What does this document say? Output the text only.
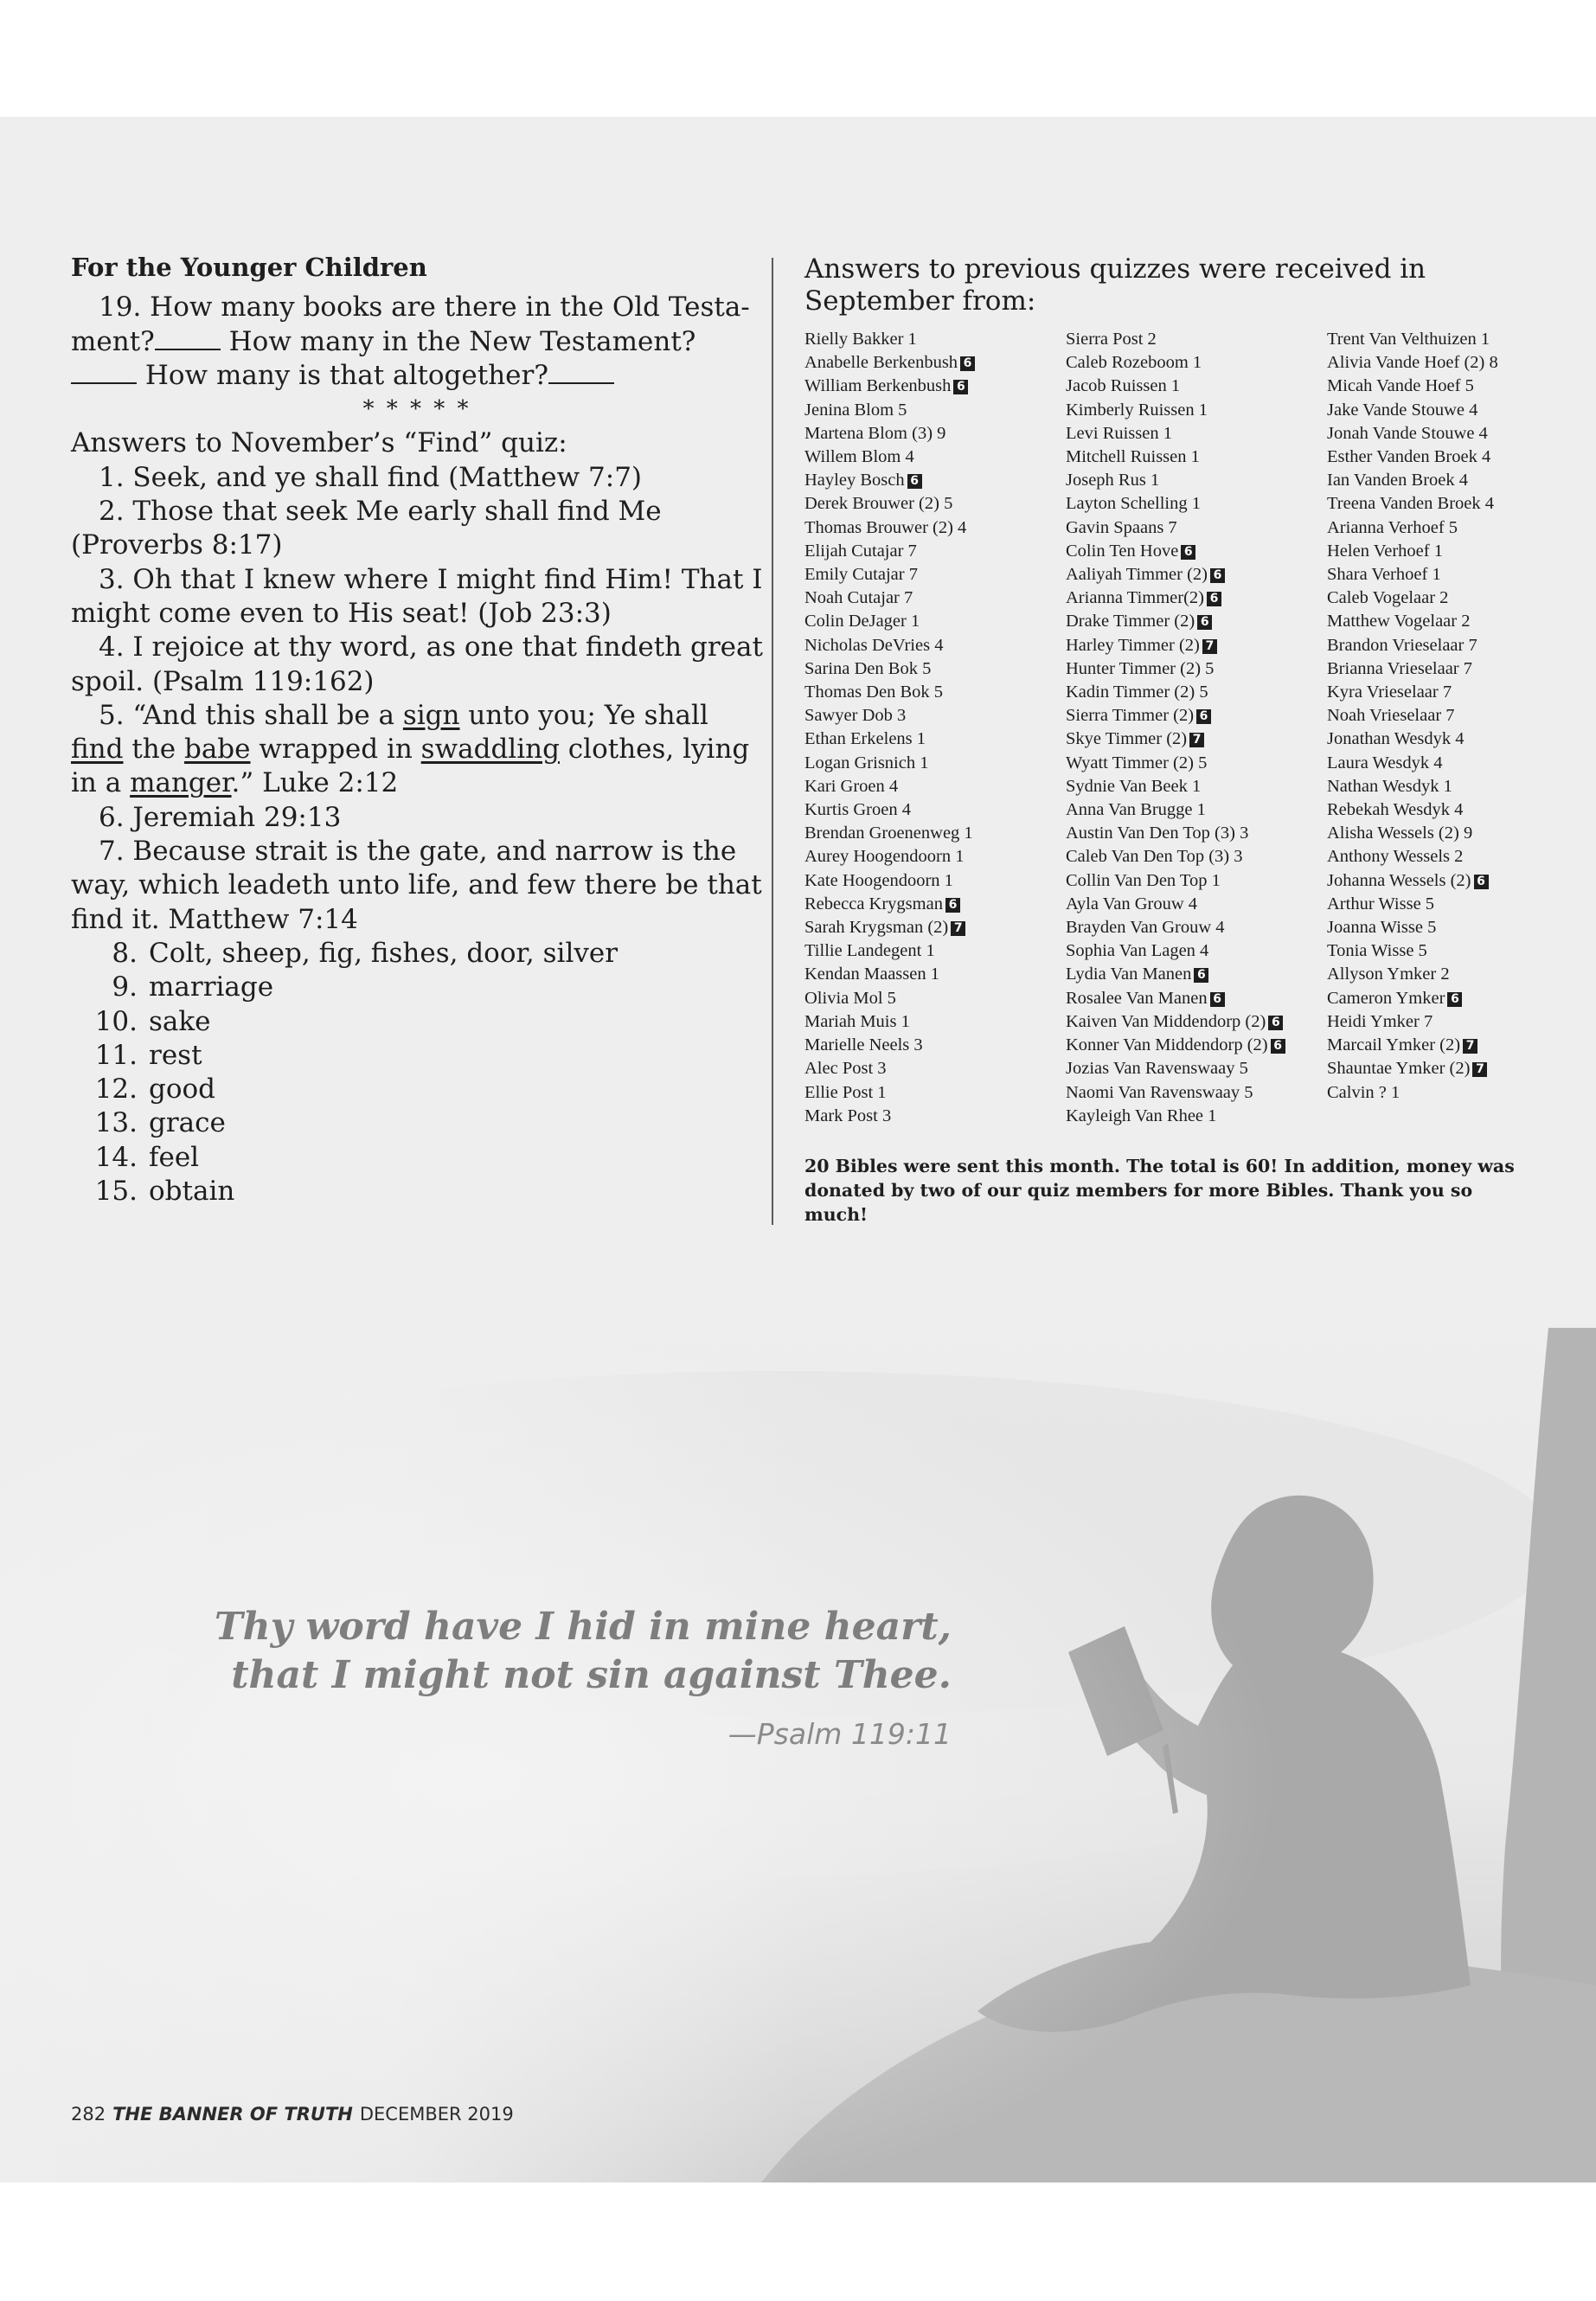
For the Younger Children
19. How many books are there in the Old Testa-ment? How many in the New Testament?  How many is that altogether?
* * * * *
Answers to November’s “Find” quiz:
1. Seek, and ye shall find (Matthew 7:7)
2. Those that seek Me early shall find Me (Proverbs 8:17)
3. Oh that I knew where I might find Him! That I might come even to His seat! (Job 23:3)
4. I rejoice at thy word, as one that findeth great spoil. (Psalm 119:162)
5. “And this shall be a sign unto you; Ye shall find the babe wrapped in swaddling clothes, lying in a manger.” Luke 2:12
6. Jeremiah 29:13
7. Because strait is the gate, and narrow is the way, which leadeth unto life, and few there be that find it. Matthew 7:14
8. Colt, sheep, fig, fishes, door, silver
9. marriage
10. sake
11. rest
12. good
13. grace
14. feel
15. obtain
Answers to previous quizzes were received in September from:
Rielly Bakker 1
Anabelle Berkenbush 6
William Berkenbush 6
Jenina Blom 5
Martena Blom (3) 9
Willem Blom 4
Hayley Bosch 6
Derek Brouwer (2) 5
Thomas Brouwer (2) 4
Elijah Cutajar 7
Emily Cutajar 7
Noah Cutajar 7
Colin DeJager 1
Nicholas DeVries 4
Sarina Den Bok 5
Thomas Den Bok 5
Sawyer Dob 3
Ethan Erkelens 1
Logan Grisnich 1
Kari Groen 4
Kurtis Groen 4
Brendan Groenenweg 1
Aurey Hoogendoorn 1
Kate Hoogendoorn 1
Rebecca Krygsman 6
Sarah Krygsman (2) 7
Tillie Landegent 1
Kendan Maassen 1
Olivia Mol 5
Mariah Muis 1
Marielle Neels 3
Alec Post 3
Ellie Post 1
Mark Post 3
Sierra Post 2
Caleb Rozeboom 1
Jacob Ruissen 1
Kimberly Ruissen 1
Levi Ruissen 1
Mitchell Ruissen 1
Joseph Rus 1
Layton Schelling 1
Gavin Spaans 7
Colin Ten Hove 6
Aaliyah Timmer (2) 6
Arianna Timmer(2) 6
Drake Timmer (2) 6
Harley Timmer (2) 7
Hunter Timmer (2) 5
Kadin Timmer (2) 5
Sierra Timmer (2) 6
Skye Timmer (2) 7
Wyatt Timmer (2) 5
Sydnie Van Beek 1
Anna Van Brugge 1
Austin Van Den Top (3) 3
Caleb Van Den Top (3) 3
Collin Van Den Top 1
Ayla Van Grouw 4
Brayden Van Grouw 4
Sophia Van Lagen 4
Lydia Van Manen 6
Rosalee Van Manen 6
Kaiven Van Middendorp (2) 6
Konner Van Middendorp (2) 6
Jozias Van Ravenswaay 5
Naomi Van Ravenswaay 5
Kayleigh Van Rhee 1
Trent Van Velthuizen 1
Alivia Vande Hoef (2) 8
Micah Vande Hoef 5
Jake Vande Stouwe 4
Jonah Vande Stouwe 4
Esther Vanden Broek 4
Ian Vanden Broek 4
Treena Vanden Broek 4
Arianna Verhoef 5
Helen Verhoef 1
Shara Verhoef 1
Caleb Vogelaar 2
Matthew Vogelaar 2
Brandon Vrieselaar 7
Brianna Vrieselaar 7
Kyra Vrieselaar 7
Noah Vrieselaar 7
Jonathan Wesdyk 4
Laura Wesdyk 4
Nathan Wesdyk 1
Rebekah Wesdyk 4
Alisha Wessels (2) 9
Anthony Wessels 2
Johanna Wessels (2) 6
Arthur Wisse 5
Joanna Wisse 5
Tonia Wisse 5
Allyson Ymker 2
Cameron Ymker 6
Heidi Ymker 7
Marcail Ymker (2) 7
Shauntae Ymker (2) 7
Calvin ? 1
20 Bibles were sent this month. The total is 60! In addition, money was donated by two of our quiz members for more Bibles. Thank you so much!
Thy word have I hid in mine heart,
that I might not sin against Thee.
—Psalm 119:11
282 THE BANNER OF TRUTH DECEMBER 2019
